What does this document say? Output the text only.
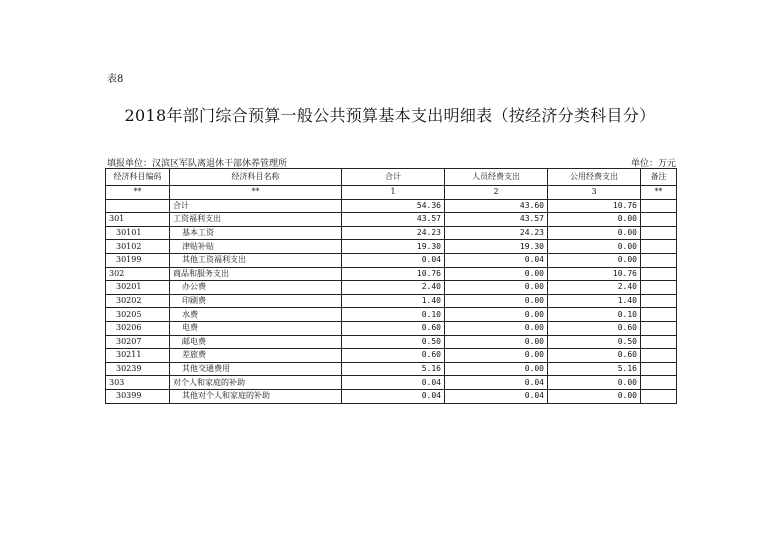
表8
2018年部门综合预算一般公共预算基本支出明细表（按经济分类科目分）
填报单位：汉滨区军队离退休干部休养管理所	单位：万元
经济科目编码	经济科目名称	合计	人员经费支出	公用经费支出	备注
**	**	1	2	3	**
	合计	54.36	43.60	10.76	
301	工资福利支出	43.57	43.57	0.00	
30101	基本工资	24.23	24.23	0.00	
30102	津贴补贴	19.30	19.30	0.00	
30199	其他工资福利支出	0.04	0.04	0.00	
302	商品和服务支出	10.76	0.00	10.76	
30201	办公费	2.40	0.00	2.40	
30202	印刷费	1.40	0.00	1.40	
30205	水费	0.10	0.00	0.10	
30206	电费	0.60	0.00	0.60	
30207	邮电费	0.50	0.00	0.50	
30211	差旅费	0.60	0.00	0.60	
30239	其他交通费用	5.16	0.00	5.16	
303	对个人和家庭的补助	0.04	0.04	0.00	
30399	其他对个人和家庭的补助	0.04	0.04	0.00	
